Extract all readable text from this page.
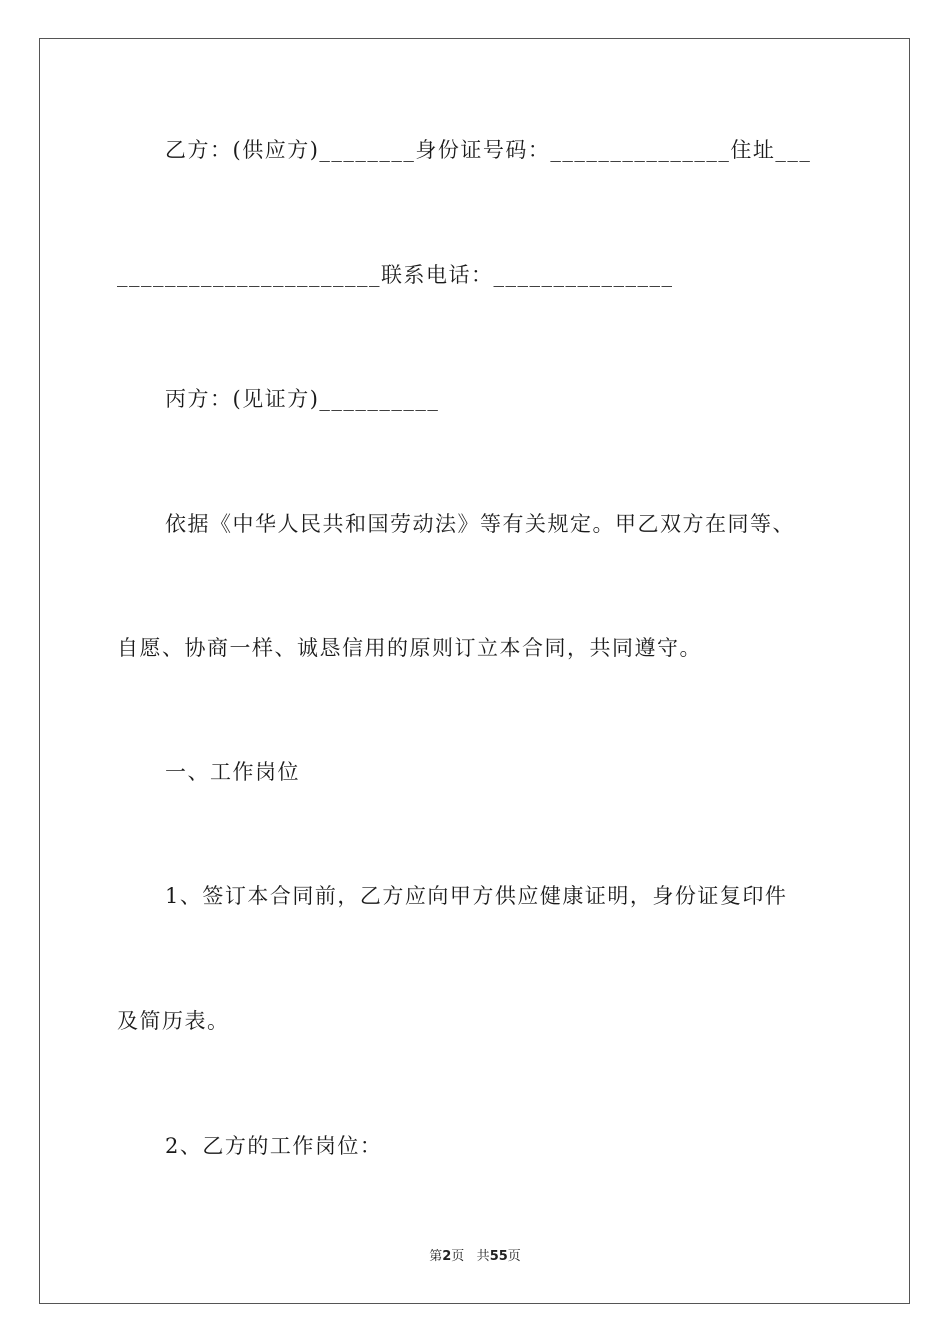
乙方：(供应方)________身份证号码：_______________住址___
______________________联系电话：_______________
丙方：(见证方)__________
依据《中华人民共和国劳动法》等有关规定。甲乙双方在同等、
自愿、协商一样、诚恳信用的原则订立本合同，共同遵守。
一、工作岗位
1、签订本合同前，乙方应向甲方供应健康证明，身份证复印件
及简历表。
2、乙方的工作岗位：
第2页 共55页
